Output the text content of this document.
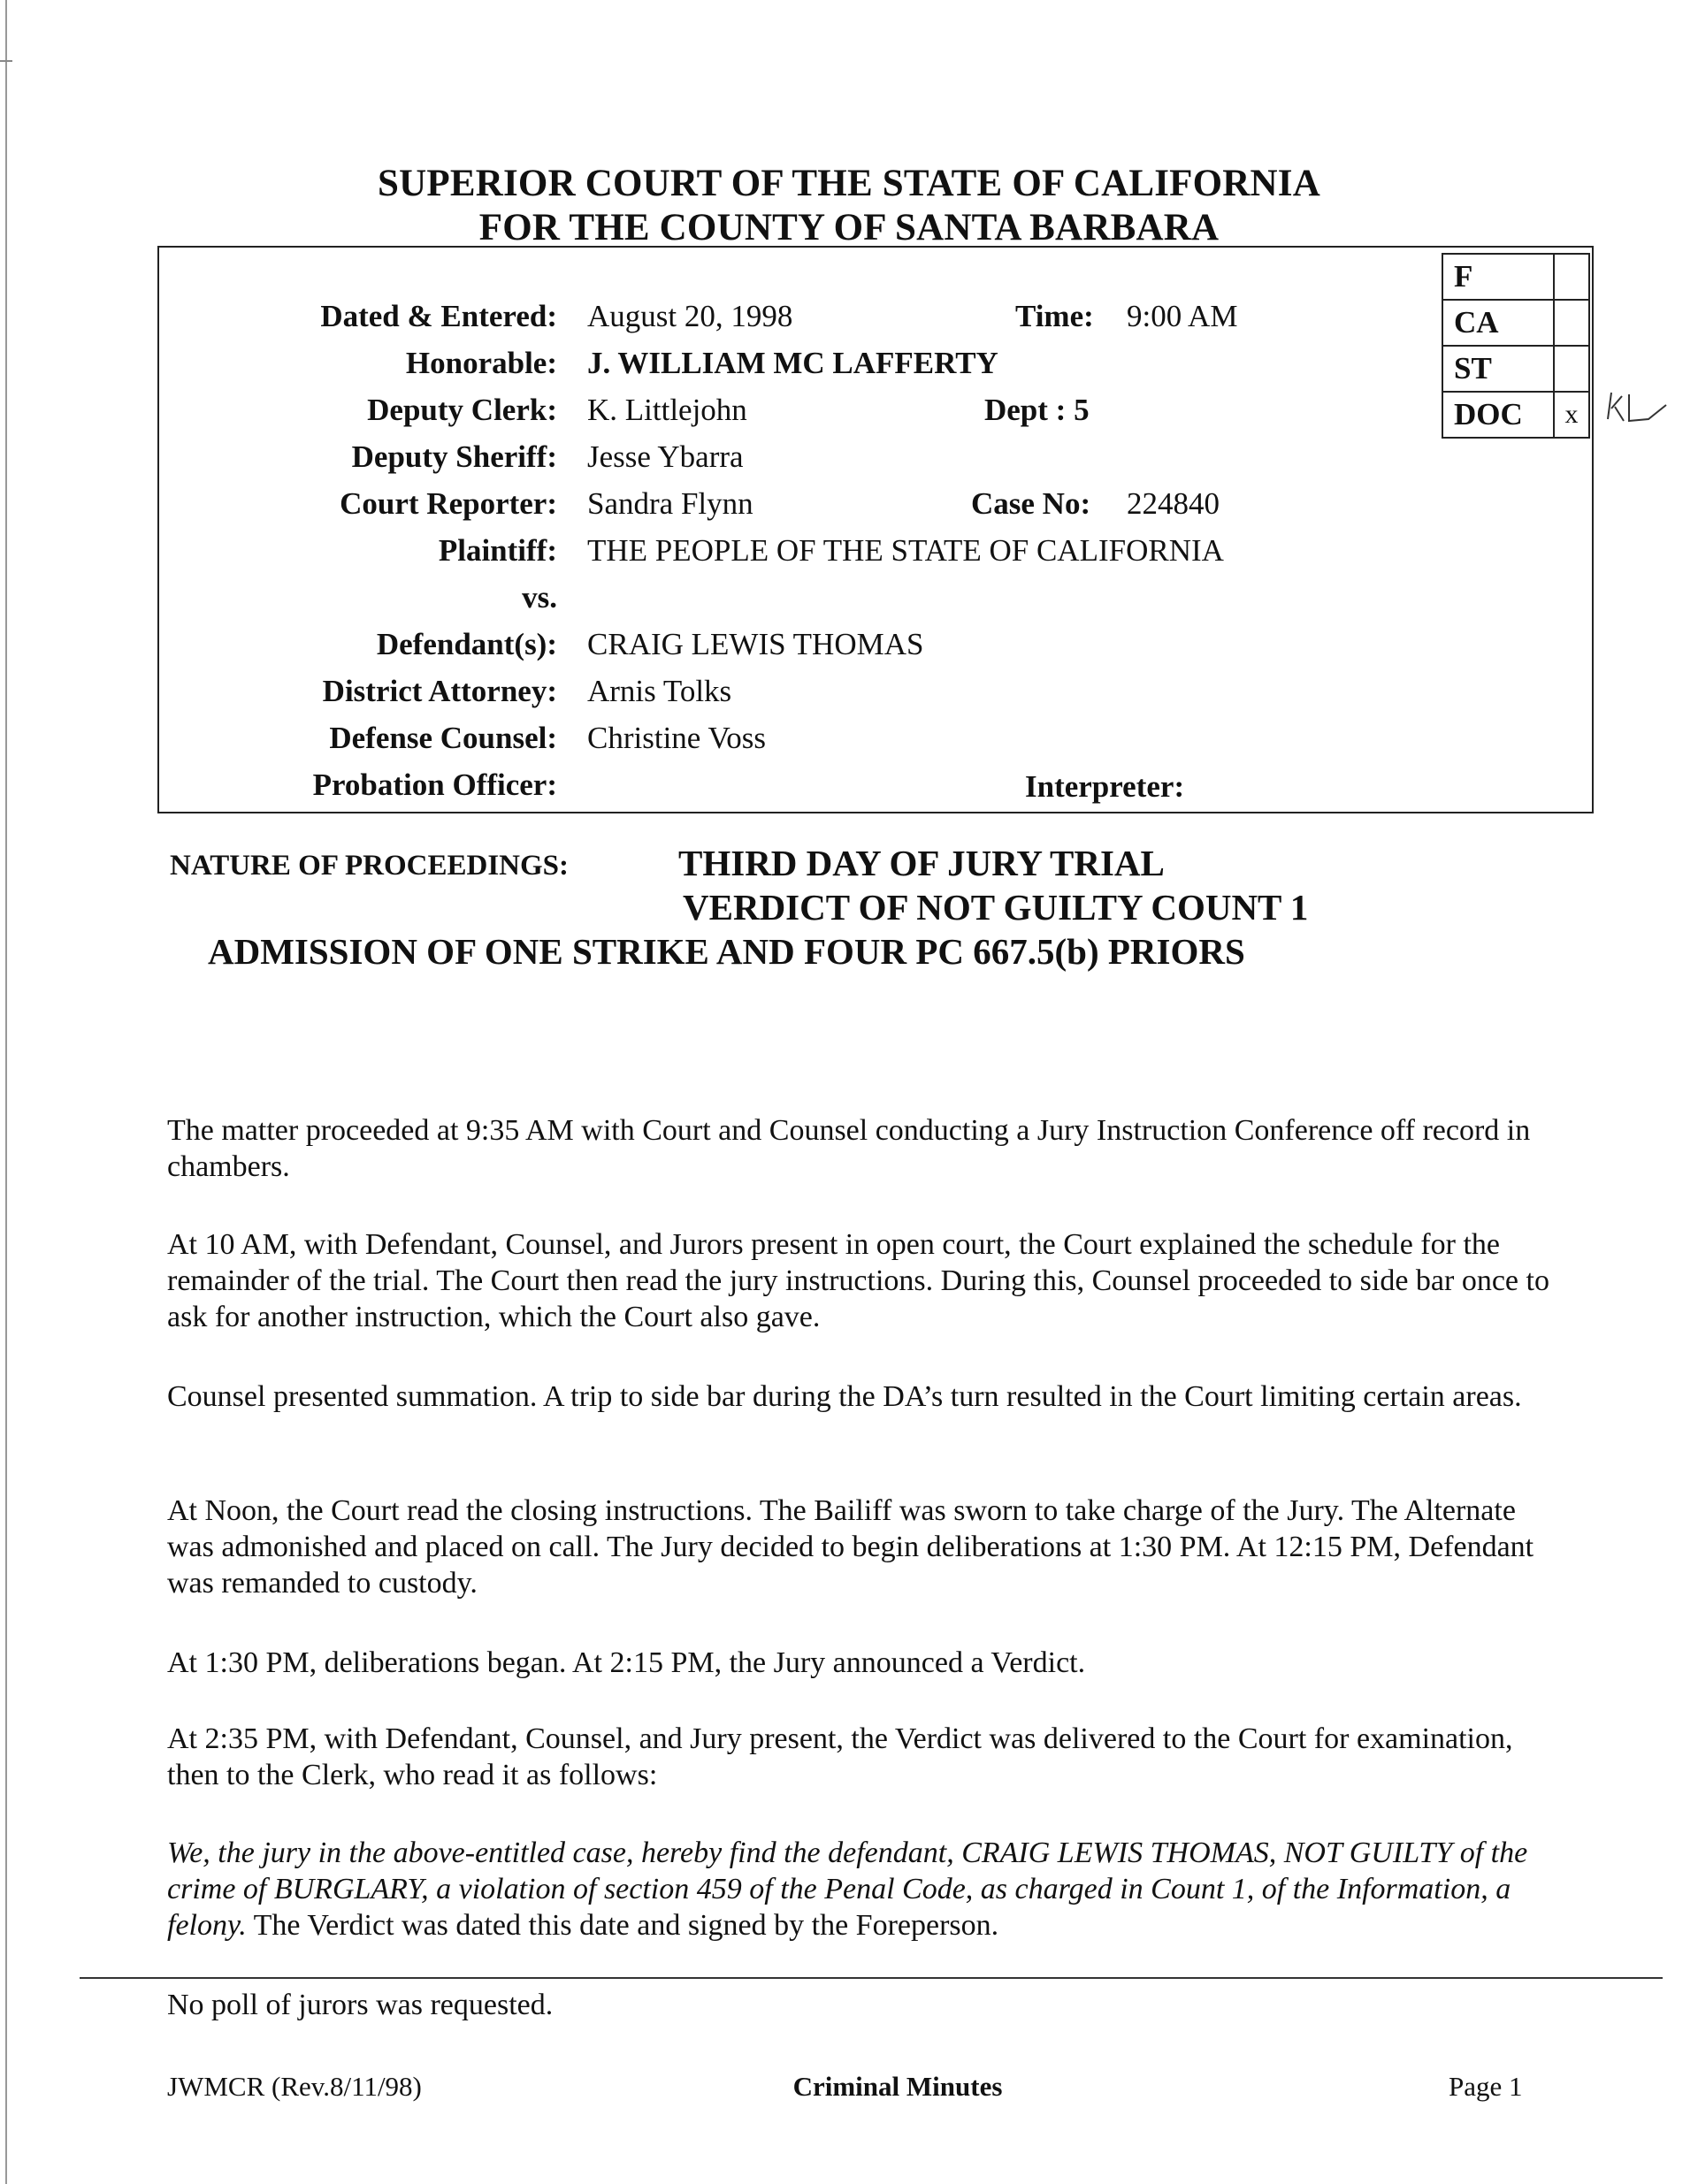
SUPERIOR COURT OF THE STATE OF CALIFORNIA
FOR THE COUNTY OF SANTA BARBARA
F	
CA	
ST	
DOC	x
Dated & Entered: August 20, 1998	Time: 9:00 AM
Honorable: J. WILLIAM MC LAFFERTY
Deputy Clerk: K. Littlejohn	Dept : 5
Deputy Sheriff: Jesse Ybarra
Court Reporter: Sandra Flynn	Case No: 224840
Plaintiff: THE PEOPLE OF THE STATE OF CALIFORNIA
vs.
Defendant(s): CRAIG LEWIS THOMAS
District Attorney: Arnis Tolks
Defense Counsel: Christine Voss
Probation Officer:	Interpreter:
NATURE OF PROCEEDINGS:	THIRD DAY OF JURY TRIAL
VERDICT OF NOT GUILTY COUNT 1
ADMISSION OF ONE STRIKE AND FOUR PC 667.5(b) PRIORS
The matter proceeded at 9:35 AM with Court and Counsel conducting a Jury Instruction Conference off record in chambers.
At 10 AM, with Defendant, Counsel, and Jurors present in open court, the Court explained the schedule for the remainder of the trial. The Court then read the jury instructions. During this, Counsel proceeded to side bar once to ask for another instruction, which the Court also gave.
Counsel presented summation. A trip to side bar during the DA’s turn resulted in the Court limiting certain areas.
At Noon, the Court read the closing instructions. The Bailiff was sworn to take charge of the Jury. The Alternate was admonished and placed on call. The Jury decided to begin deliberations at 1:30 PM. At 12:15 PM, Defendant was remanded to custody.
At 1:30 PM, deliberations began. At 2:15 PM, the Jury announced a Verdict.
At 2:35 PM, with Defendant, Counsel, and Jury present, the Verdict was delivered to the Court for examination, then to the Clerk, who read it as follows:
We, the jury in the above-entitled case, hereby find the defendant, CRAIG LEWIS THOMAS, NOT GUILTY of the crime of BURGLARY, a violation of section 459 of the Penal Code, as charged in Count 1, of the Information, a felony. The Verdict was dated this date and signed by the Foreperson.
No poll of jurors was requested.
JWMCR (Rev.8/11/98)	Criminal Minutes	Page 1
